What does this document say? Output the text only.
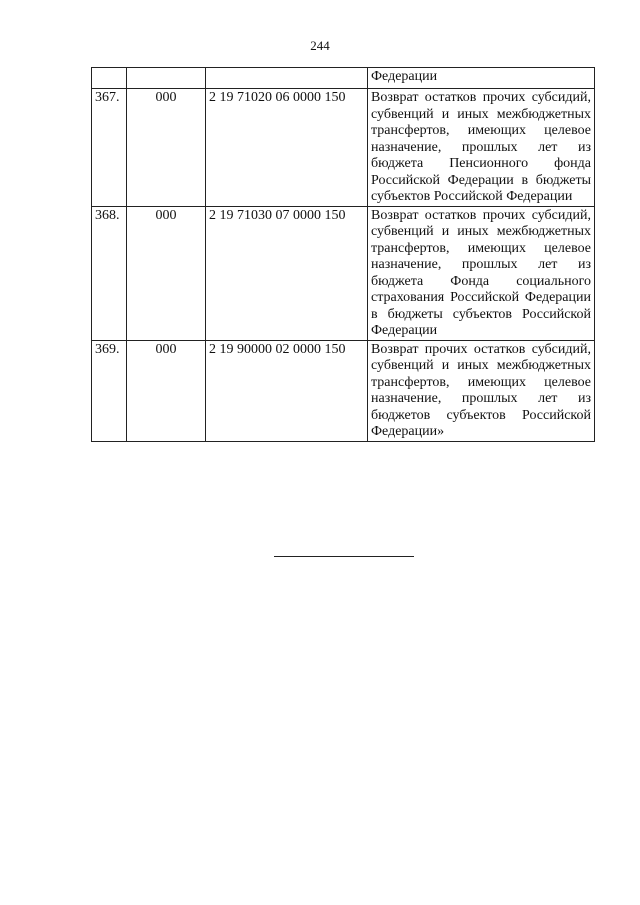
244
			Федерации
367.	000	2 19 71020 06 0000 150	Возврат остатков прочих субсидий, субвенций и иных межбюджетных трансфертов, имеющих целевое назначение, прошлых лет из бюджета Пенсионного фонда Российской Федерации в бюджеты субъектов Российской Федерации
368.	000	2 19 71030 07 0000 150	Возврат остатков прочих субсидий, субвенций и иных межбюджетных трансфертов, имеющих целевое назначение, прошлых лет из бюджета Фонда социального страхования Российской Федерации в бюджеты субъектов Российской Федерации
369.	000	2 19 90000 02 0000 150	Возврат прочих остатков субсидий, субвенций и иных межбюджетных трансфертов, имеющих целевое назначение, прошлых лет из бюджетов субъектов Российской Федерации»
